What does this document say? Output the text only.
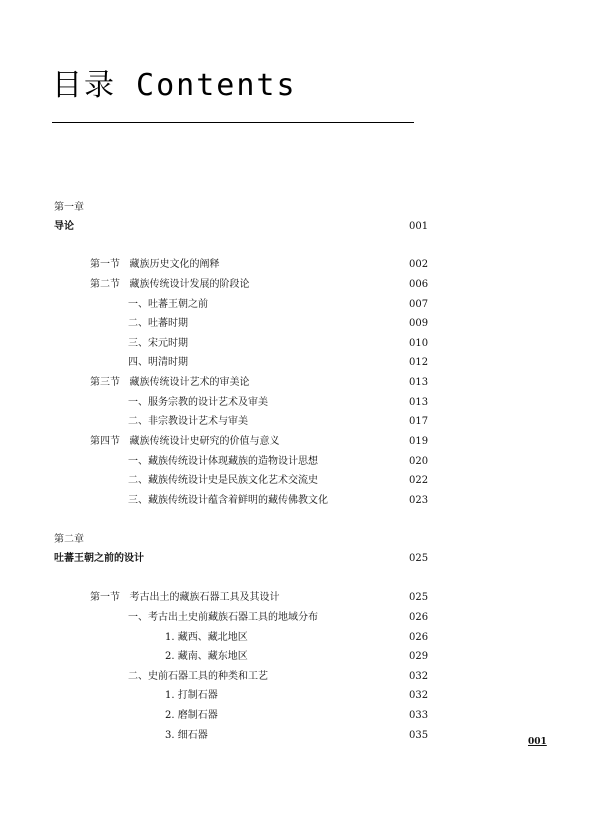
目录 Contents
第一章
导论	001
第一节 藏族历史文化的阐释	002
第二节 藏族传统设计发展的阶段论	006
一、吐蕃王朝之前	007
二、吐蕃时期	009
三、宋元时期	010
四、明清时期	012
第三节 藏族传统设计艺术的审美论	013
一、服务宗教的设计艺术及审美	013
二、非宗教设计艺术与审美	017
第四节 藏族传统设计史研究的价值与意义	019
一、藏族传统设计体现藏族的造物设计思想	020
二、藏族传统设计史是民族文化艺术交流史	022
三、藏族传统设计蕴含着鲜明的藏传佛教文化	023
第二章
吐蕃王朝之前的设计	025
第一节 考古出土的藏族石器工具及其设计	025
一、考古出土史前藏族石器工具的地域分布	026
1. 藏西、藏北地区	026
2. 藏南、藏东地区	029
二、史前石器工具的种类和工艺	032
1. 打制石器	032
2. 磨制石器	033
3. 细石器	035
001
